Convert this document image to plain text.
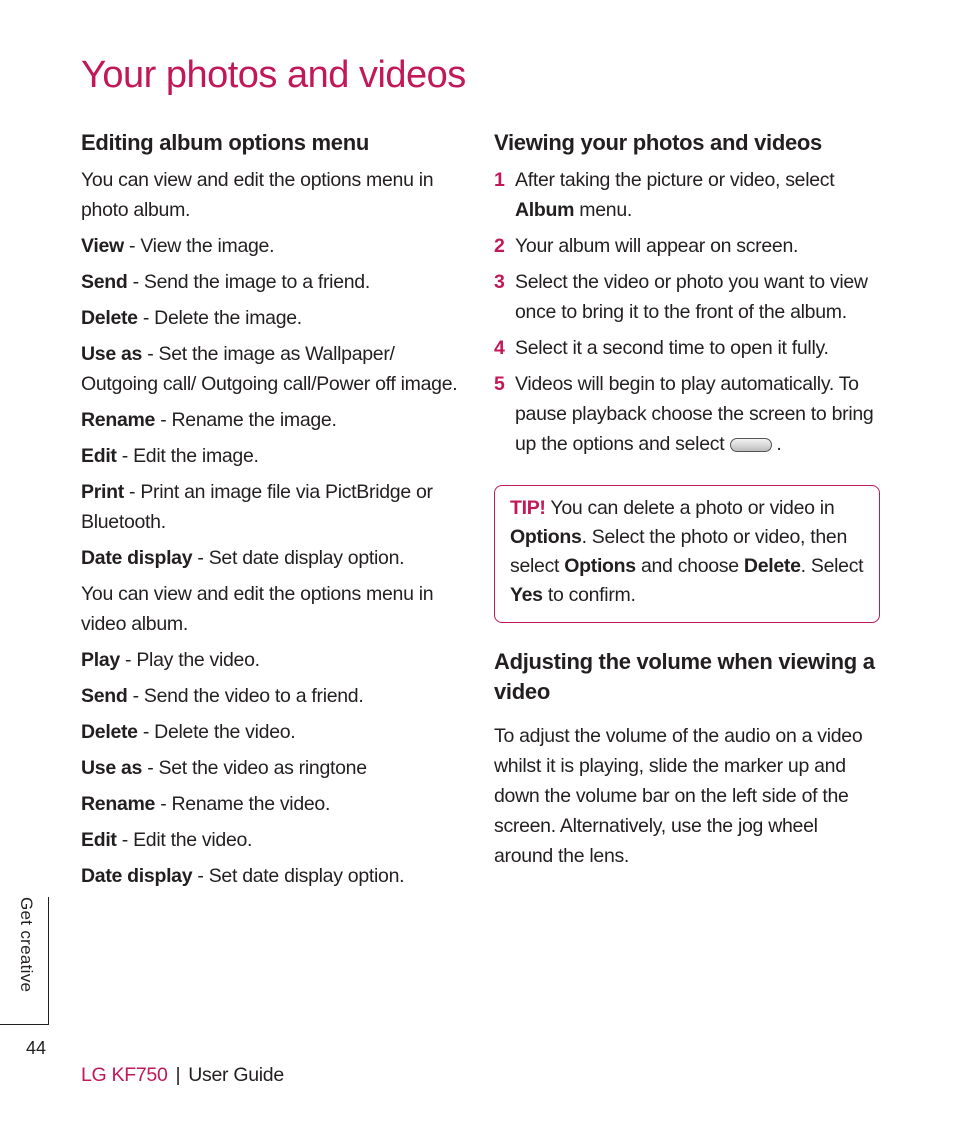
Your photos and videos
Editing album options menu

You can view and edit the options menu in photo album.

View - View the image.

Send - Send the image to a friend.

Delete - Delete the image.

Use as - Set the image as Wallpaper/ Outgoing call/ Outgoing call/Power off image.

Rename - Rename the image.

Edit - Edit the image.

Print - Print an image file via PictBridge or Bluetooth.

Date display - Set date display option.

You can view and edit the options menu in video album.

Play - Play the video.

Send - Send the video to a friend.

Delete - Delete the video.

Use as - Set the video as ringtone

Rename - Rename the video.

Edit - Edit the video.

Date display - Set date display option.

Viewing your photos and videos
1 After taking the picture or video, select Album menu.
2 Your album will appear on screen.
3 Select the video or photo you want to view once to bring it to the front of the album.
4 Select it a second time to open it fully.
5 Videos will begin to play automatically. To pause playback choose the screen to bring up the options and select	.

TIP! You can delete a photo or video in Options. Select the photo or video, then select Options and choose Delete. Select Yes to confirm.

Adjusting the volume when viewing a video

To adjust the volume of the audio on a video whilst it is playing, slide the marker up and down the volume bar on the left side of the screen. Alternatively, use the jog wheel around the lens.

Get creative
44
LG KF750 | User Guide
